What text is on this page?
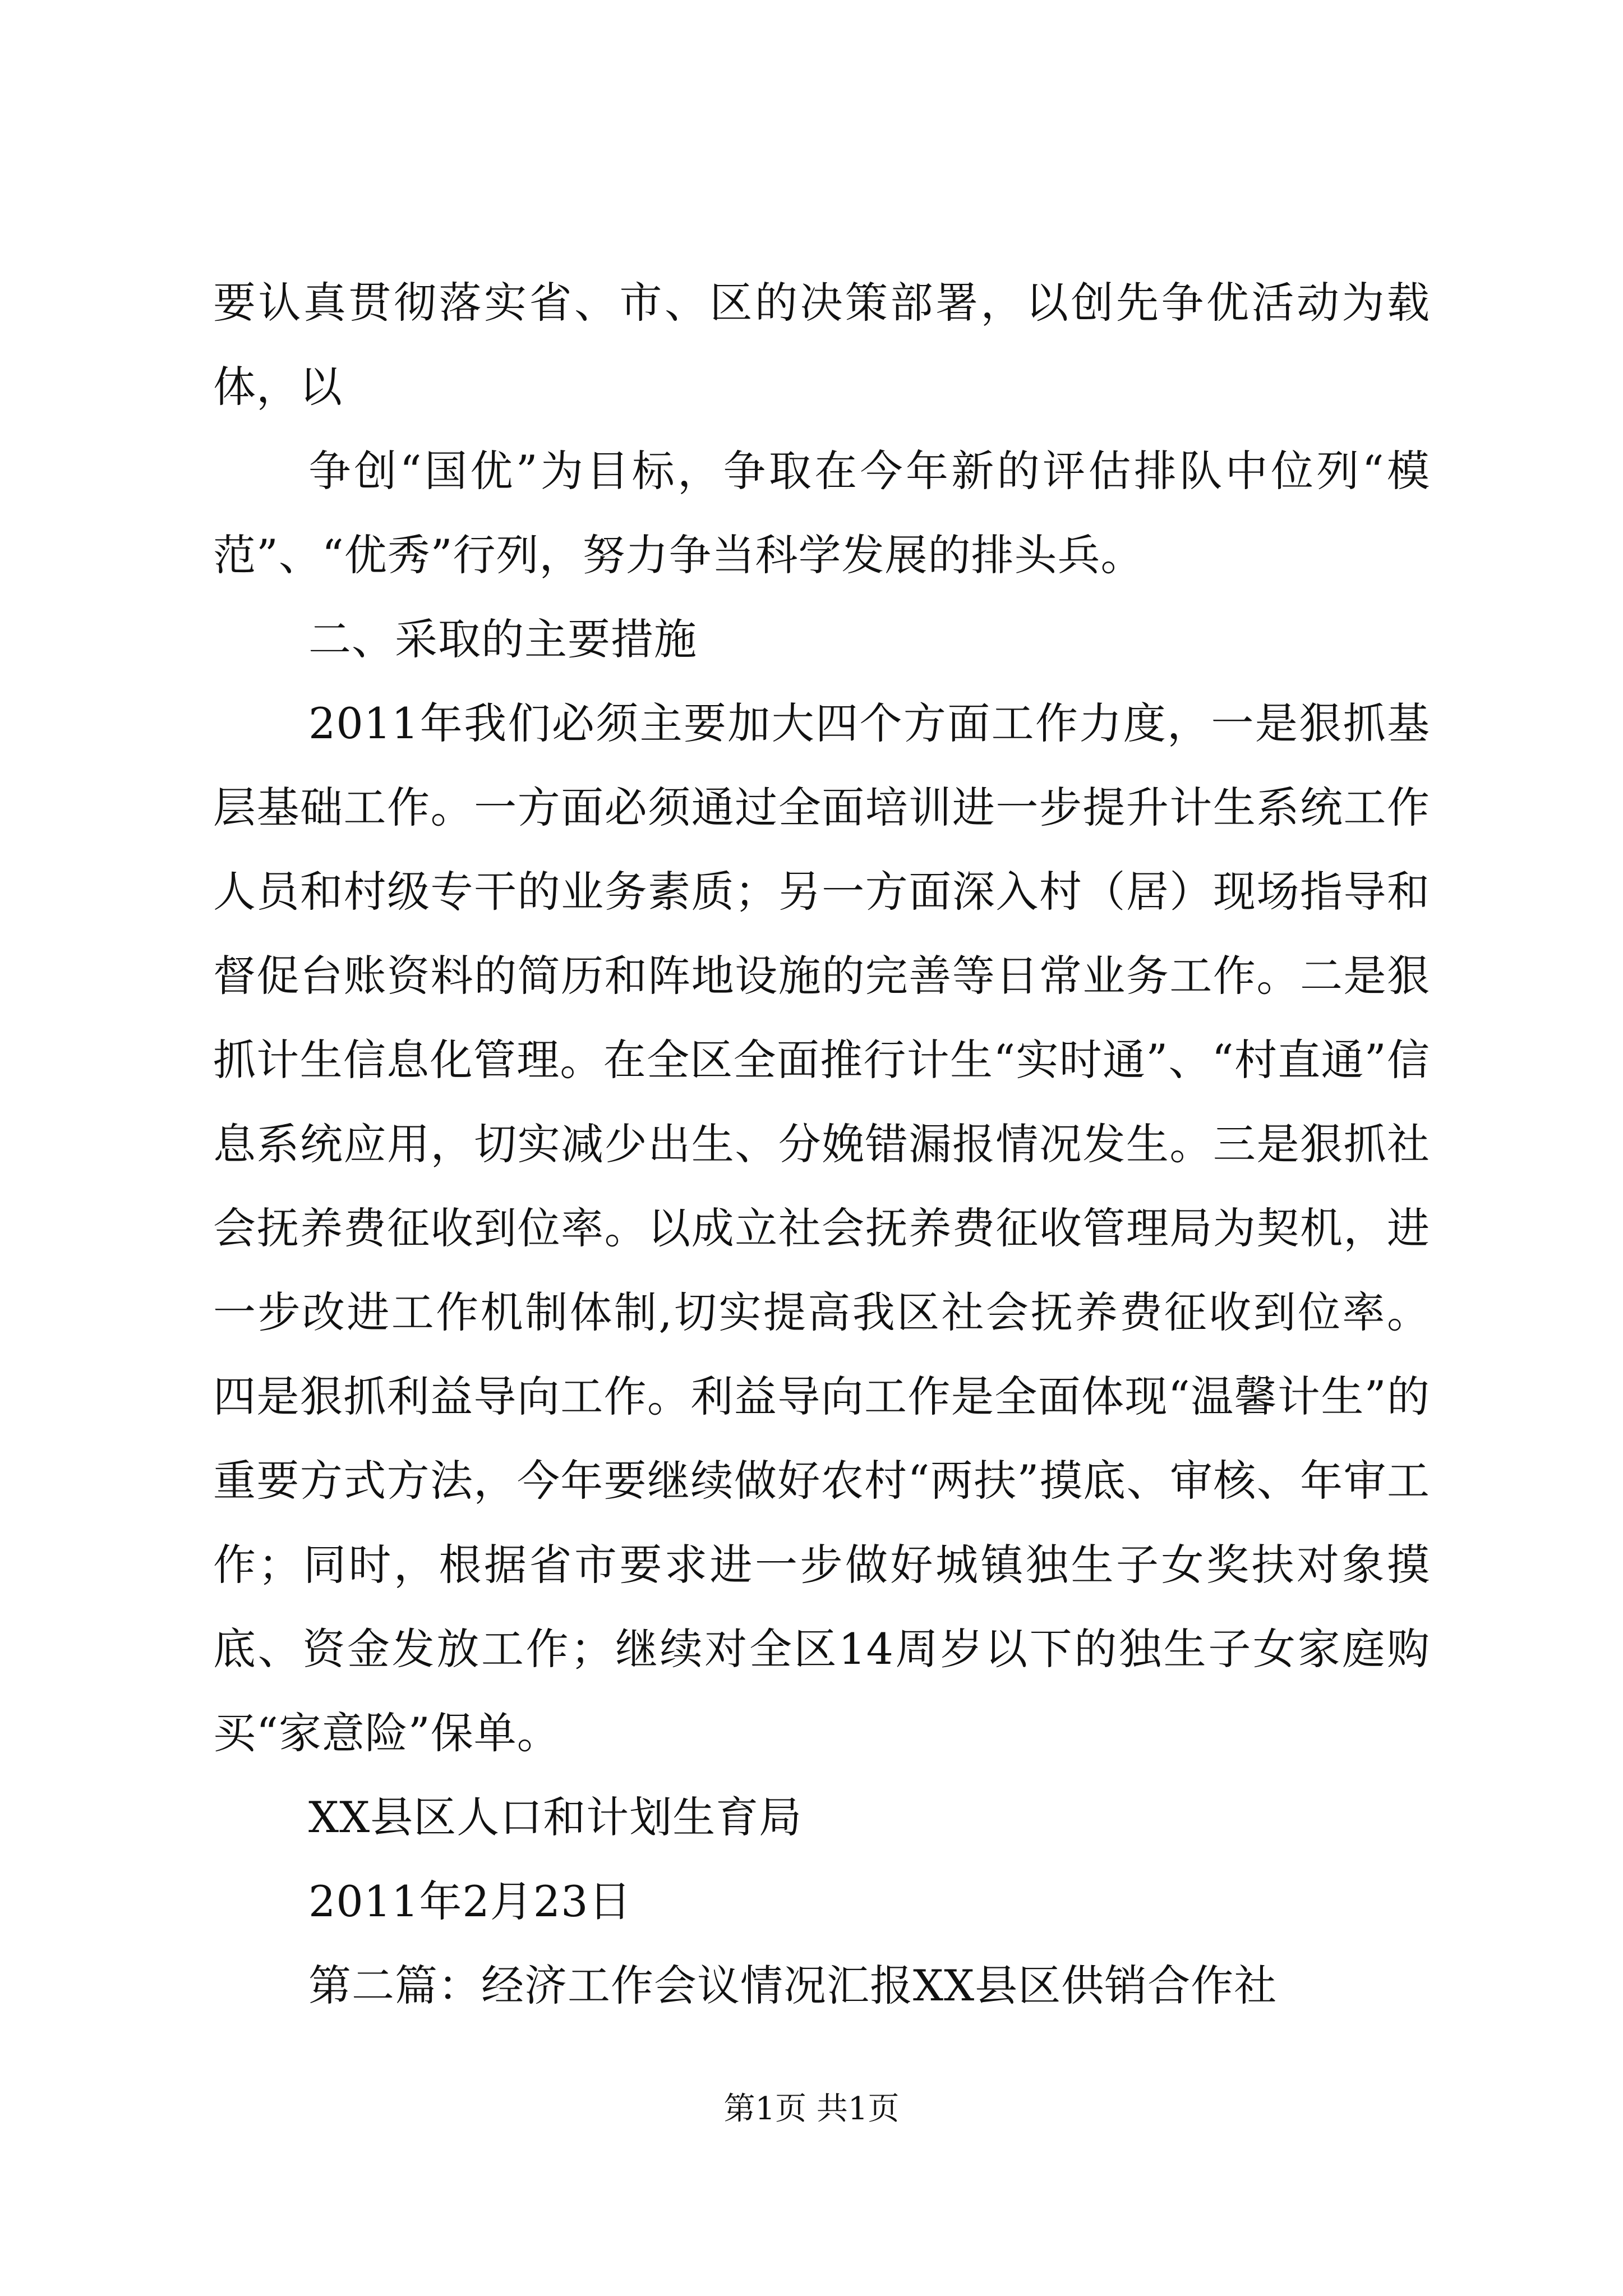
要认真贯彻落实省、市、区的决策部署，以创先争优活动为载体，以

争创“国优”为目标，争取在今年新的评估排队中位列“模范”、“优秀”行列，努力争当科学发展的排头兵。

二、采取的主要措施

2011年我们必须主要加大四个方面工作力度，一是狠抓基层基础工作。一方面必须通过全面培训进一步提升计生系统工作人员和村级专干的业务素质；另一方面深入村（居）现场指导和督促台账资料的简历和阵地设施的完善等日常业务工作。二是狠抓计生信息化管理。在全区全面推行计生“实时通”、“村直通”信息系统应用，切实减少出生、分娩错漏报情况发生。三是狠抓社会抚养费征收到位率。以成立社会抚养费征收管理局为契机，进一步改进工作机制体制,切实提高我区社会抚养费征收到位率。四是狠抓利益导向工作。利益导向工作是全面体现“温馨计生”的重要方式方法，今年要继续做好农村“两扶”摸底、审核、年审工作；同时，根据省市要求进一步做好城镇独生子女奖扶对象摸底、资金发放工作；继续对全区14周岁以下的独生子女家庭购买“家意险”保单。

XX县区人口和计划生育局

2011年2月23日

第二篇：经济工作会议情况汇报XX县区供销合作社

第1页 共1页
